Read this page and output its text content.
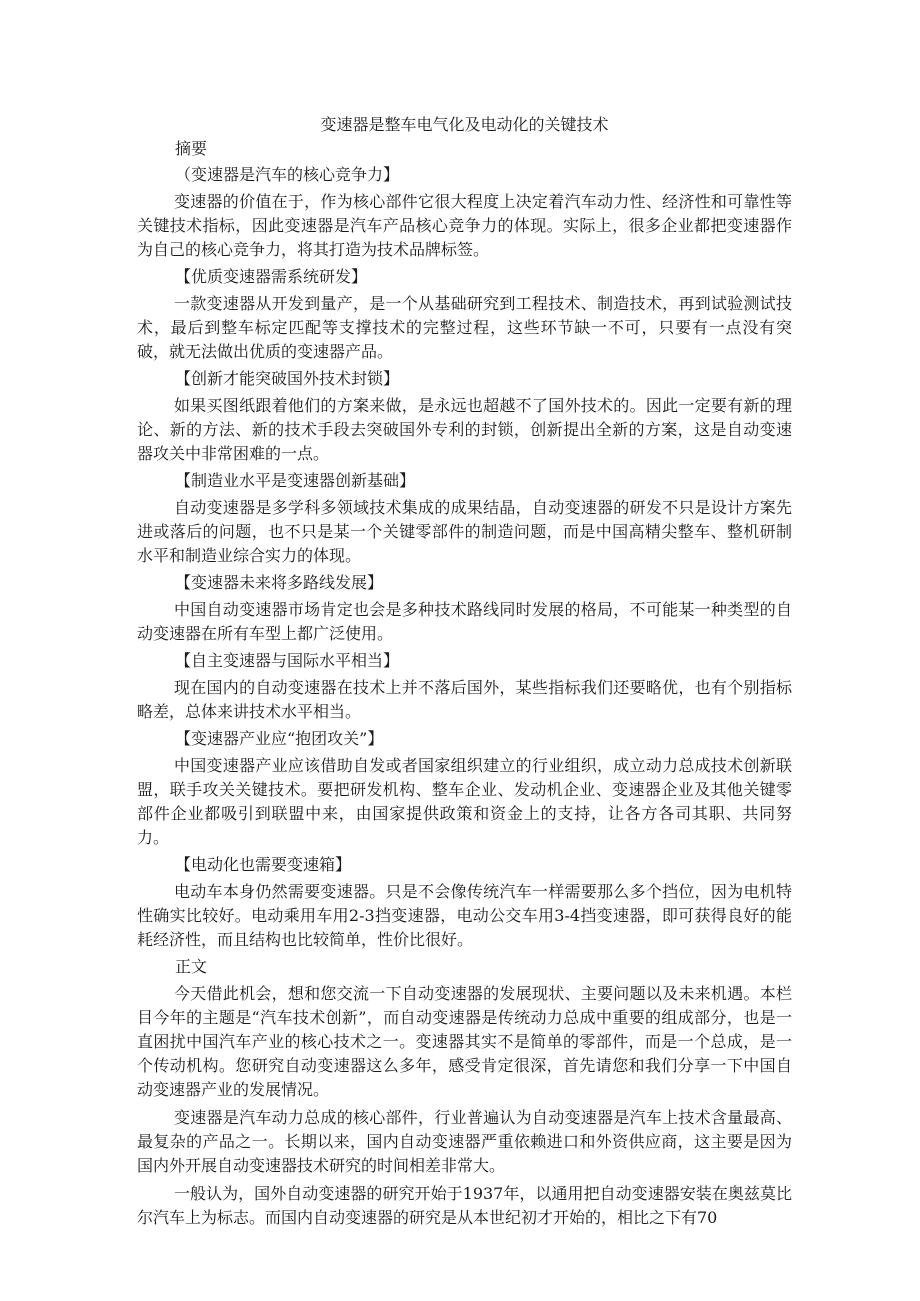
变速器是整车电气化及电动化的关键技术
摘要
（变速器是汽车的核心竞争力】

变速器的价值在于，作为核心部件它很大程度上决定着汽车动力性、经济性和可靠性等关键技术指标，因此变速器是汽车产品核心竞争力的体现。实际上，很多企业都把变速器作为自己的核心竞争力，将其打造为技术品牌标签。

【优质变速器需系统研发】

一款变速器从开发到量产，是一个从基础研究到工程技术、制造技术，再到试验测试技术，最后到整车标定匹配等支撑技术的完整过程，这些环节缺一不可，只要有一点没有突破，就无法做出优质的变速器产品。

【创新才能突破国外技术封锁】

如果买图纸跟着他们的方案来做，是永远也超越不了国外技术的。因此一定要有新的理论、新的方法、新的技术手段去突破国外专利的封锁，创新提出全新的方案，这是自动变速器攻关中非常困难的一点。

【制造业水平是变速器创新基础】

自动变速器是多学科多领域技术集成的成果结晶，自动变速器的研发不只是设计方案先进或落后的问题，也不只是某一个关键零部件的制造问题，而是中国高精尖整车、整机研制水平和制造业综合实力的体现。

【变速器未来将多路线发展】

中国自动变速器市场肯定也会是多种技术路线同时发展的格局，不可能某一种类型的自动变速器在所有车型上都广泛使用。

【自主变速器与国际水平相当】

现在国内的自动变速器在技术上并不落后国外，某些指标我们还要略优，也有个别指标略差，总体来讲技术水平相当。

【变速器产业应“抱团攻关”】

中国变速器产业应该借助自发或者国家组织建立的行业组织，成立动力总成技术创新联盟，联手攻关关键技术。要把研发机构、整车企业、发动机企业、变速器企业及其他关键零部件企业都吸引到联盟中来，由国家提供政策和资金上的支持，让各方各司其职、共同努力。

【电动化也需要变速箱】

电动车本身仍然需要变速器。只是不会像传统汽车一样需要那么多个挡位，因为电机特性确实比较好。电动乘用车用2-3挡变速器，电动公交车用3-4挡变速器，即可获得良好的能耗经济性，而且结构也比较简单，性价比很好。

正文

今天借此机会，想和您交流一下自动变速器的发展现状、主要问题以及未来机遇。本栏目今年的主题是“汽车技术创新”，而自动变速器是传统动力总成中重要的组成部分，也是一直困扰中国汽车产业的核心技术之一。变速器其实不是简单的零部件，而是一个总成，是一个传动机构。您研究自动变速器这么多年，感受肯定很深，首先请您和我们分享一下中国自动变速器产业的发展情况。

变速器是汽车动力总成的核心部件，行业普遍认为自动变速器是汽车上技术含量最高、最复杂的产品之一。长期以来，国内自动变速器严重依赖进口和外资供应商，这主要是因为国内外开展自动变速器技术研究的时间相差非常大。

一般认为，国外自动变速器的研究开始于1937年，以通用把自动变速器安装在奥兹莫比尔汽车上为标志。而国内自动变速器的研究是从本世纪初才开始的，相比之下有70
